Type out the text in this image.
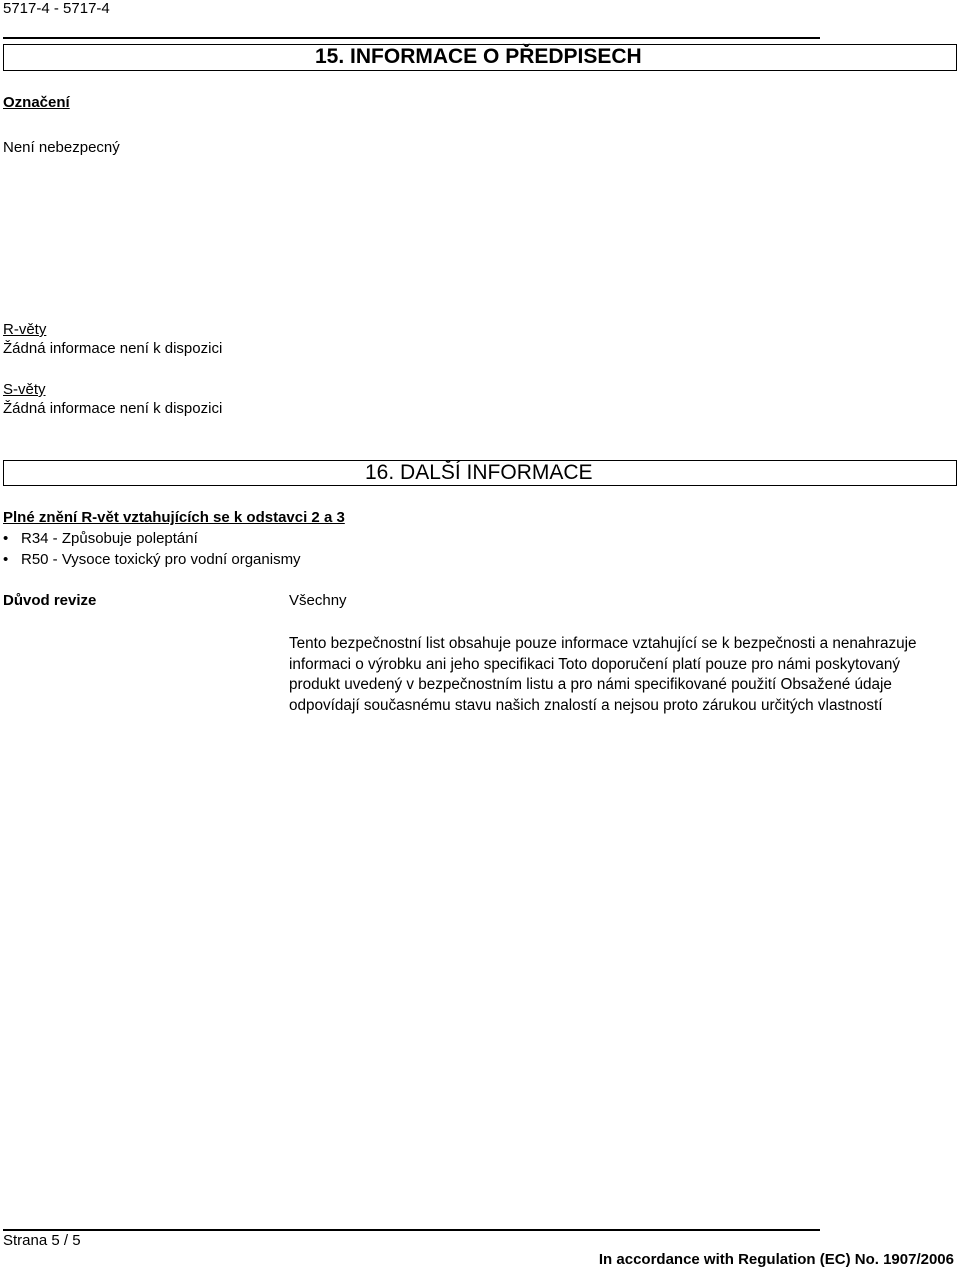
5717-4 - 5717-4
15. INFORMACE O PŘEDPISECH
Označení
Není nebezpecný
R-věty
Žádná informace není k dispozici
S-věty
Žádná informace není k dispozici
16. DALŠÍ INFORMACE
Plné znění R-vět vztahujících se k odstavci 2 a 3
• R34 - Způsobuje poleptání
• R50 - Vysoce toxický pro vodní organismy
Důvod revize	Všechny
Tento bezpečnostní list obsahuje pouze informace vztahující se k bezpečnosti a nenahrazuje informaci o výrobku ani jeho specifikaci Toto doporučení platí pouze pro námi poskytovaný produkt uvedený v bezpečnostním listu a pro námi specifikované použití Obsažené údaje odpovídají současnému stavu našich znalostí a nejsou proto zárukou určitých vlastností
Strana 5 / 5
In accordance with Regulation (EC) No. 1907/2006
